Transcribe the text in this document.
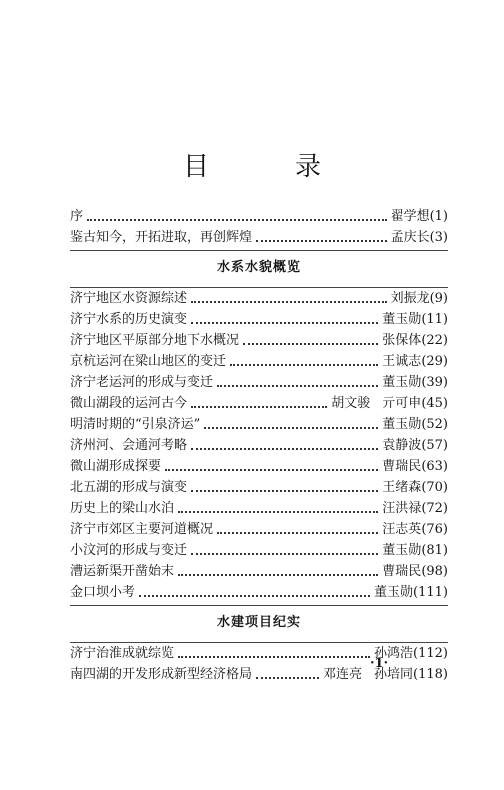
目　录
序	翟学想 (1)
鉴古知今，开拓进取，再创辉煌	孟庆长 (3)
水系水貌概览
济宁地区水资源综述	刘振龙 (9)
济宁水系的历史演变	董玉勋 (11)
济宁地区平原部分地下水概况	张保体 (22)
京杭运河在梁山地区的变迁	王诚志 (29)
济宁老运河的形成与变迁	董玉勋 (39)
微山湖段的运河古今	胡文骏 亓可申 (45)
明清时期的“引泉济运”	董玉勋 (52)
济州河、会通河考略	袁静波 (57)
微山湖形成探要	曹瑞民 (63)
北五湖的形成与演变	王绪森 (70)
历史上的梁山水泊	汪洪禄 (72)
济宁市郊区主要河道概况	汪志英 (76)
小汶河的形成与变迁	董玉勋 (81)
漕运新渠开凿始末	曹瑞民 (98)
金口坝小考	董玉勋 (111)
水建项目纪实
济宁治淮成就综览	孙鸿浩 (112)
南四湖的开发形成新型经济格局	邓连亮 孙培同 (118)
·1·
